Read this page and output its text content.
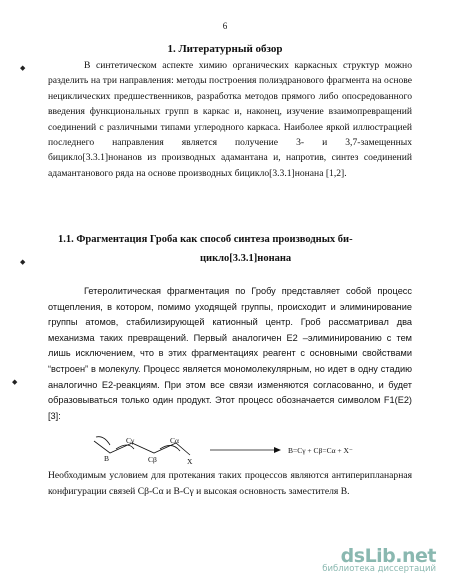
6
◆
◆
◆
1. Литературный обзор
В синтетическом аспекте химию органических каркасных структур можно разделить на три направления: методы построения полиэдранового фрагмента на основе нециклических предшественников, разработка методов прямого либо опосредованного введения функциональных групп в каркас и, наконец, изучение взаимопревращений соединений с различными типами углеродного каркаса. Наиболее яркой иллюстрацией последнего направления является получение 3- и 3,7-замещенных бицикло[3.3.1]нонанов из производных адамантана и, напротив, синтез соединений адамантанового ряда на основе производных бицикло[3.3.1]нонана [1,2].
1.1. Фрагментация Гроба как способ синтеза производных би-
цикло[3.3.1]нонана
Гетеролитическая фрагментация по Гробу представляет собой процесс отщепления, в котором, помимо уходящей группы, происходит и элиминирование группы атомов, стабилизирующей катионный центр. Гроб рассматривал два механизма таких превращений. Первый аналогичен Е2 –элиминированию с тем лишь исключением, что в этих фрагментациях реагент с основными свойствами “встроен” в молекулу. Процесс является мономолекулярным, но идет в одну стадию аналогично Е2-реакциям. При этом все связи изменяются согласованно, и будет образовываться только один продукт. Этот процесс обозначается символом F1(E2) [3]:
B
Cγ
Cβ
Cα
X
B=Cγ + Cβ=Cα + X⁻
Необходимым условием для протекания таких процессов являются антиперипланарная конфигурации связей Cβ-Cα и B-Cγ и высокая основность заместителя B.
dsLib.net
библиотека диссертаций
